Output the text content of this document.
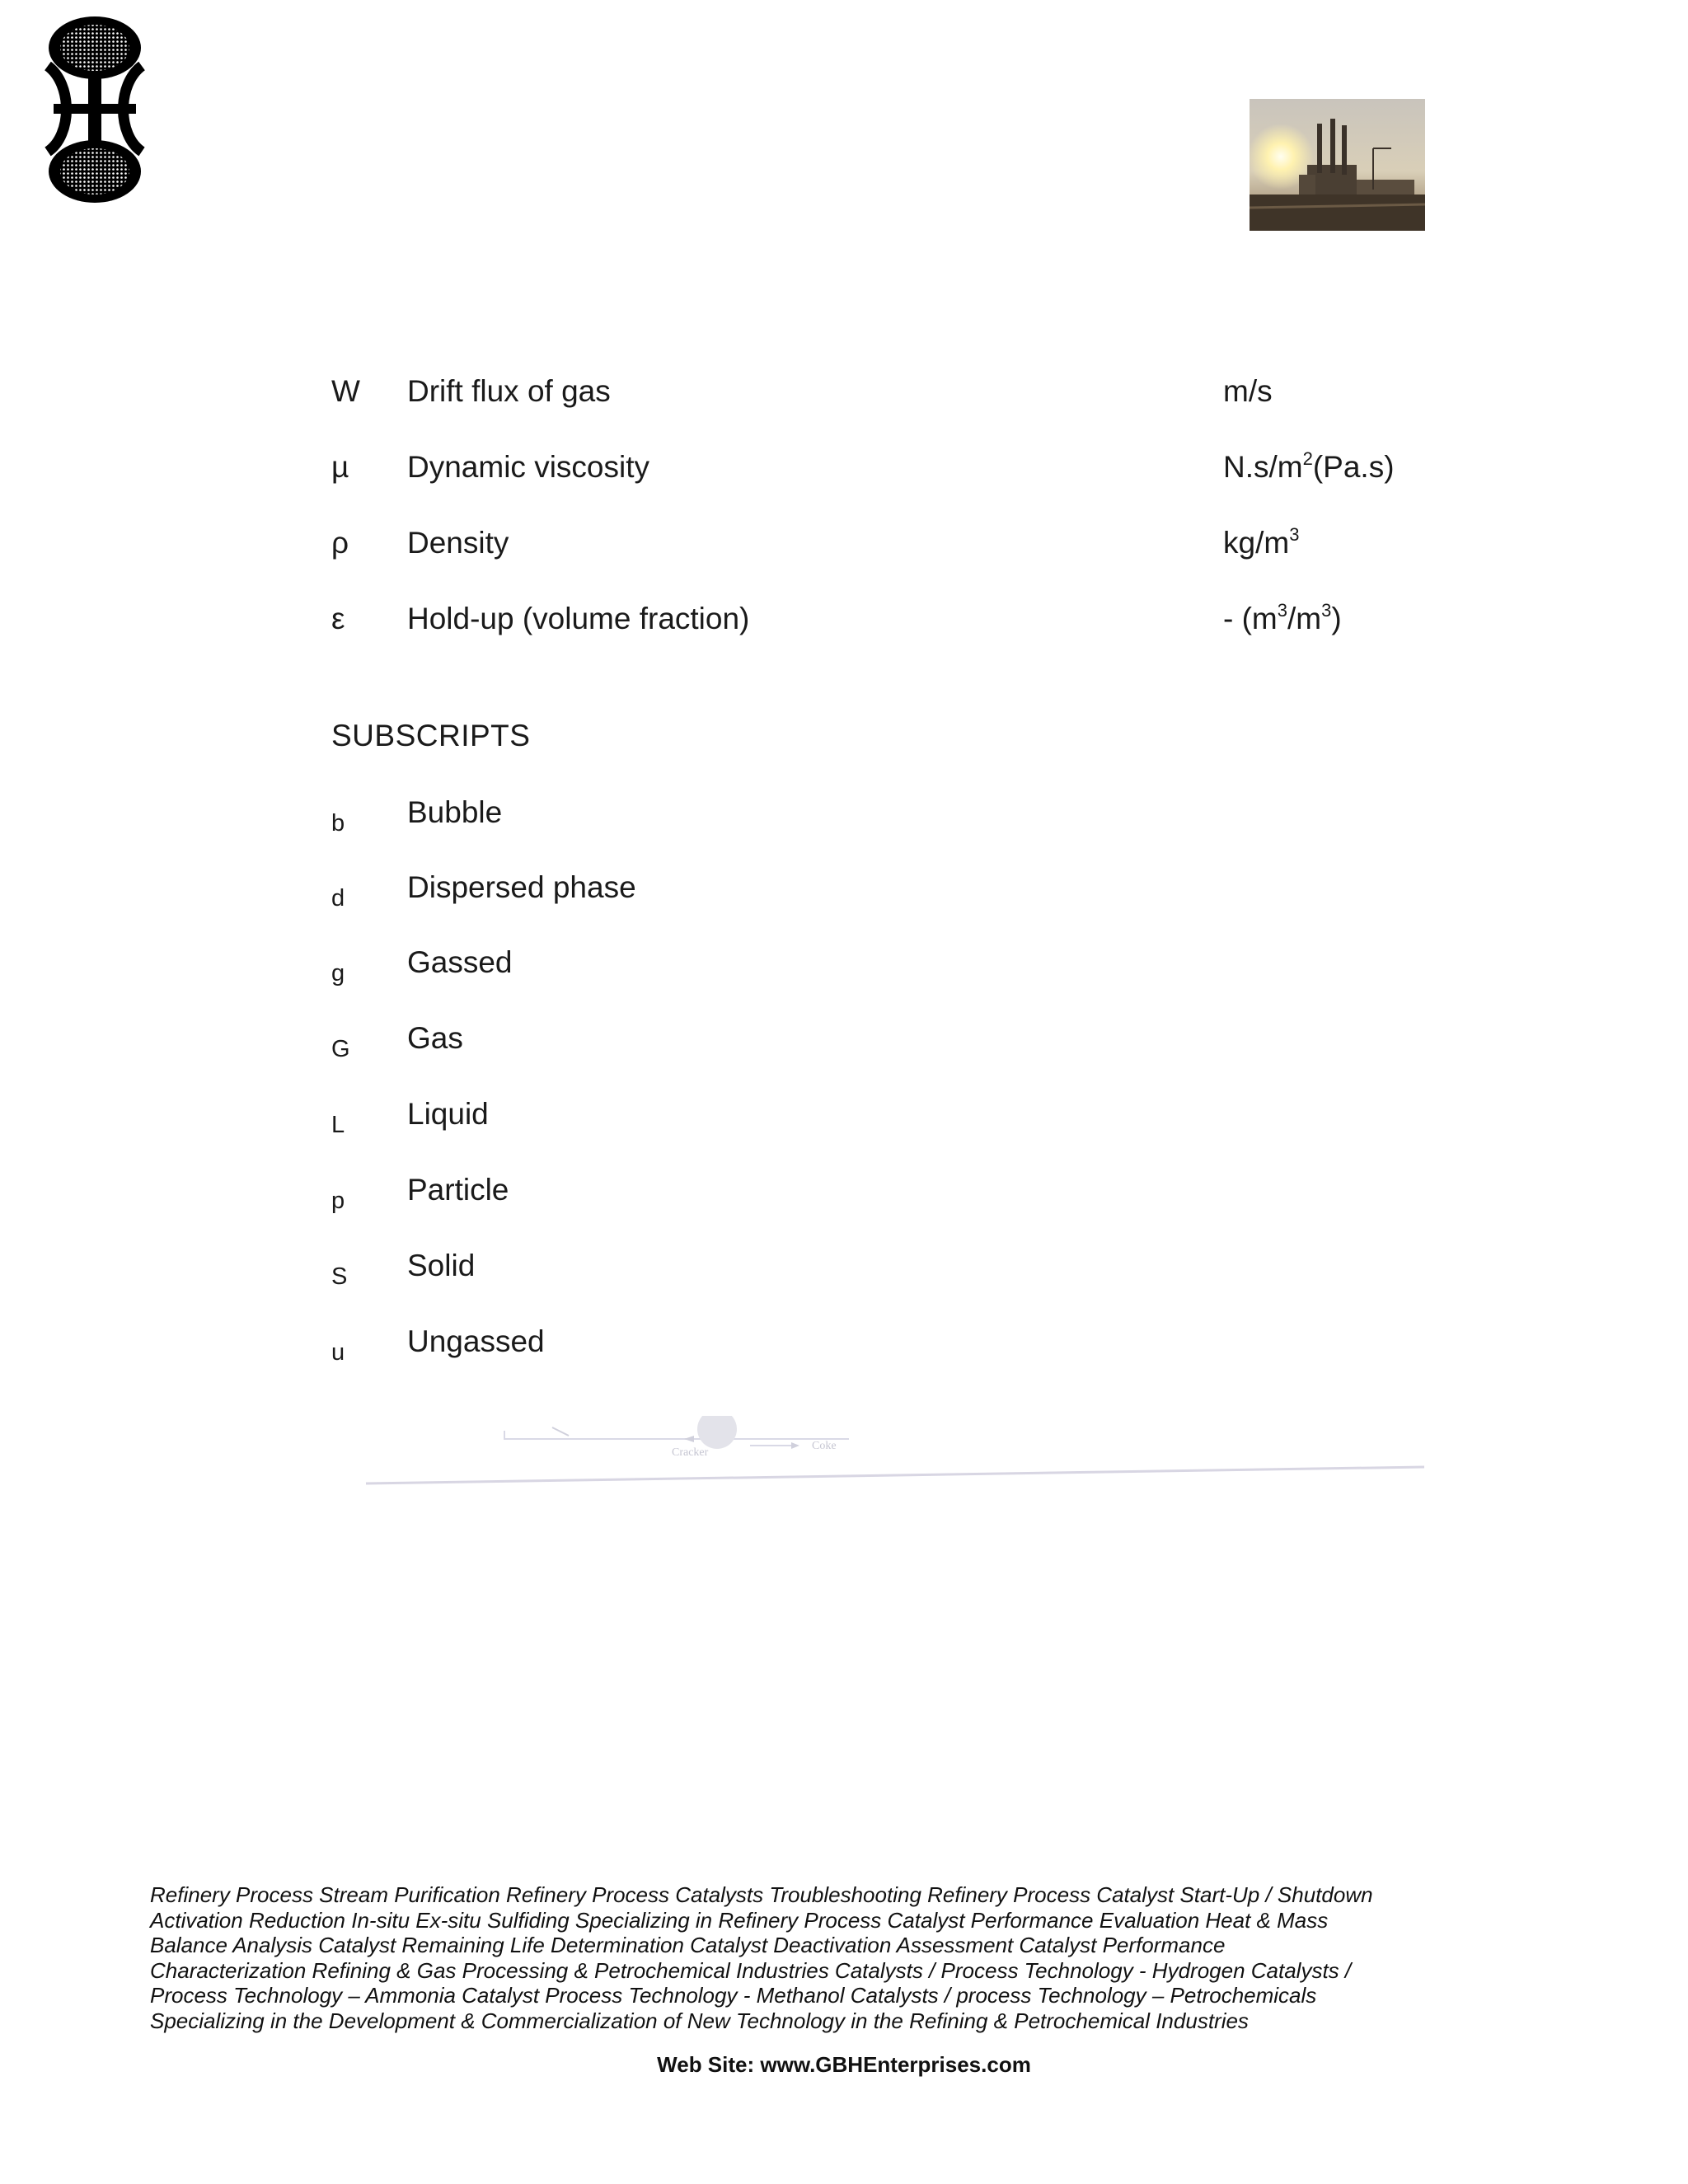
W Drift flux of gas	m/s
µ Dynamic viscosity	$N.s/m^2(Pa.s)$
ρ Density	$kg/m^3$
ε Hold-up (volume fraction)	- $(m^3/m^3)$
SUBSCRIPTS
b Bubble
d Dispersed phase
g Gassed
G Gas
L Liquid
p Particle
S Solid
u Ungassed
Cracker
Coke
Refinery Process Stream Purification Refinery Process Catalysts Troubleshooting Refinery Process Catalyst Start-Up / Shutdown
Activation Reduction In-situ Ex-situ Sulfiding Specializing in Refinery Process Catalyst Performance Evaluation Heat & Mass
Balance Analysis Catalyst Remaining Life Determination Catalyst Deactivation Assessment Catalyst Performance
Characterization Refining & Gas Processing & Petrochemical Industries Catalysts / Process Technology - Hydrogen Catalysts /
Process Technology – Ammonia Catalyst Process Technology - Methanol Catalysts / process Technology – Petrochemicals
Specializing in the Development & Commercialization of New Technology in the Refining & Petrochemical Industries
Web Site: www.GBHEnterprises.com
